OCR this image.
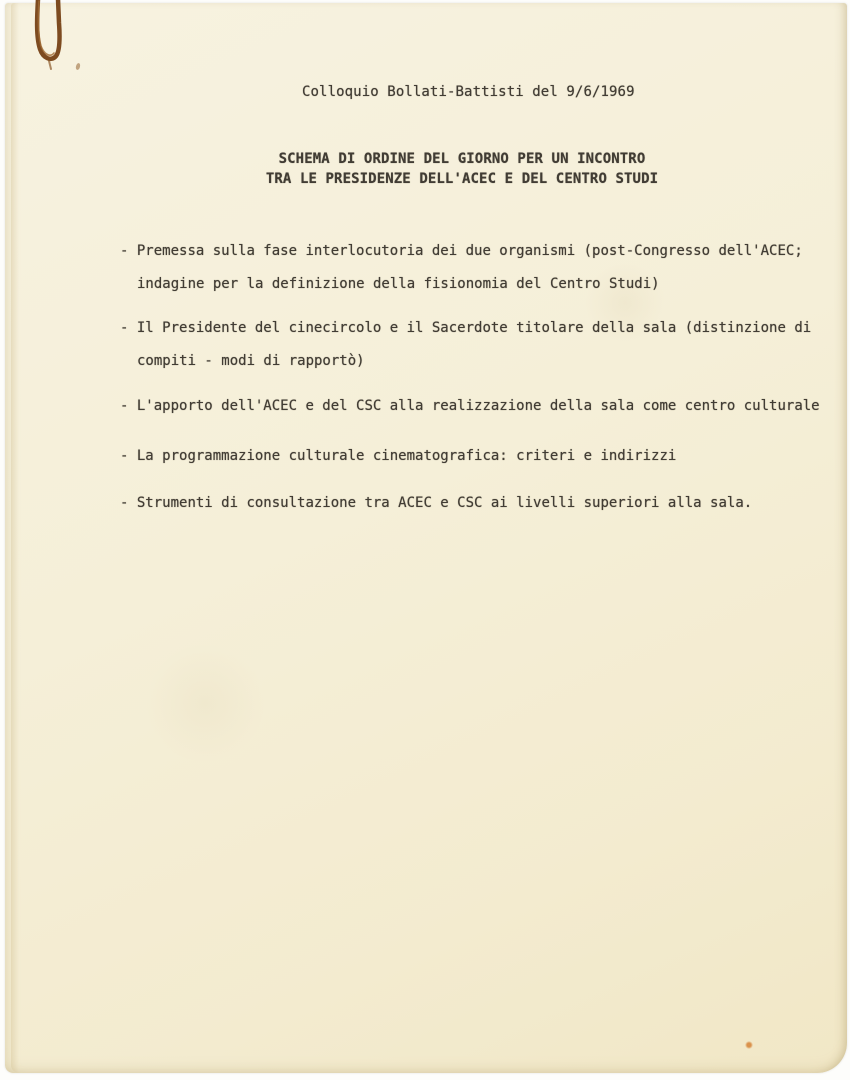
Colloquio Bollati-Battisti del 9/6/1969
SCHEMA DI ORDINE DEL GIORNO PER UN INCONTRO
TRA LE PRESIDENZE DELL'ACEC E DEL CENTRO STUDI
- Premessa sulla fase interlocutoria dei due organismi (post-Congresso dell'ACEC; indagine per la definizione della fisionomia del Centro Studi)
- Il Presidente del cinecircolo e il Sacerdote titolare della sala (distinzione di compiti - modi di rapportò)
- L'apporto dell'ACEC e del CSC alla realizzazione della sala come centro culturale
- La programmazione culturale cinematografica: criteri e indirizzi
- Strumenti di consultazione tra ACEC e CSC ai livelli superiori alla sala.
